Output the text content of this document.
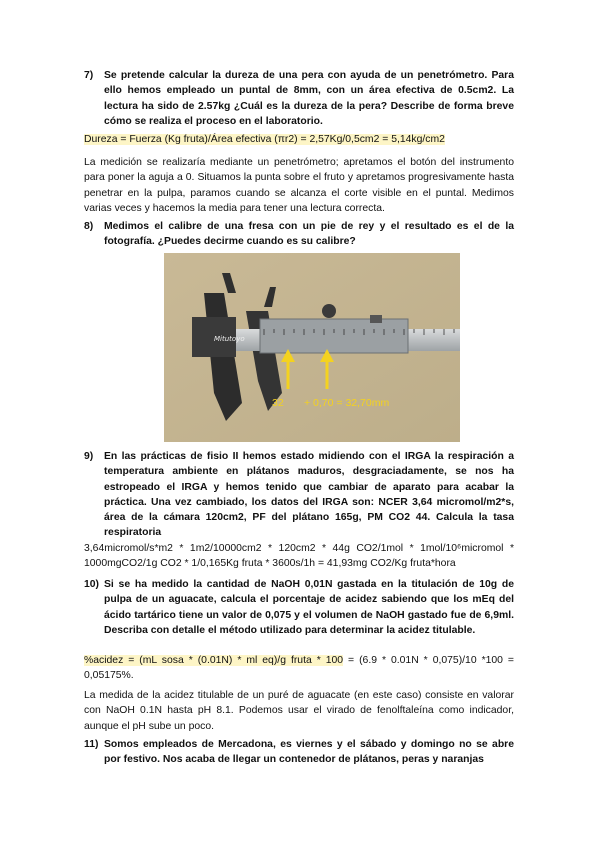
7) Se pretende calcular la dureza de una pera con ayuda de un penetrómetro. Para ello hemos empleado un puntal de 8mm, con un área efectiva de 0.5cm2. La lectura ha sido de 2.57kg ¿Cuál es la dureza de la pera? Describe de forma breve cómo se realiza el proceso en el laboratorio.
Dureza = Fuerza (Kg fruta)/Área efectiva (πr2) = 2,57Kg/0,5cm2 = 5,14kg/cm2
La medición se realizaría mediante un penetrómetro; apretamos el botón del instrumento para poner la aguja a 0. Situamos la punta sobre el fruto y apretamos progresivamente hasta penetrar en la pulpa, paramos cuando se alcanza el corte visible en el puntal. Medimos varias veces y hacemos la media para tener una lectura correcta.
8) Medimos el calibre de una fresa con un pie de rey y el resultado es el de la fotografía. ¿Puedes decirme cuando es su calibre?
Mitutoyo
32 + 0,70 = 32,70mm
9) En las prácticas de fisio II hemos estado midiendo con el IRGA la respiración a temperatura ambiente en plátanos maduros, desgraciadamente, se nos ha estropeado el IRGA y hemos tenido que cambiar de aparato para acabar la práctica. Una vez cambiado, los datos del IRGA son: NCER 3,64 micromol/m2*s, área de la cámara 120cm2, PF del plátano 165g, PM CO2 44. Calcula la tasa respiratoria
3,64micromol/s*m2 * 1m2/10000cm2 * 120cm2 * 44g CO2/1mol * 1mol/10⁶micromol * 1000mgCO2/1g CO2 * 1/0,165Kg fruta * 3600s/1h = 41,93mg CO2/Kg fruta*hora
10) Si se ha medido la cantidad de NaOH 0,01N gastada en la titulación de 10g de pulpa de un aguacate, calcula el porcentaje de acidez sabiendo que los mEq del ácido tartárico tiene un valor de 0,075 y el volumen de NaOH gastado fue de 6,9ml. Describa con detalle el método utilizado para determinar la acidez titulable.
%acidez = (mL sosa * (0.01N) * ml eq)/g fruta * 100 = (6.9 * 0.01N * 0,075)/10 *100 = 0,05175%.
La medida de la acidez titulable de un puré de aguacate (en este caso) consiste en valorar con NaOH 0.1N hasta pH 8.1. Podemos usar el virado de fenolftaleína como indicador, aunque el pH sube un poco.
11) Somos empleados de Mercadona, es viernes y el sábado y domingo no se abre por festivo. Nos acaba de llegar un contenedor de plátanos, peras y naranjas
